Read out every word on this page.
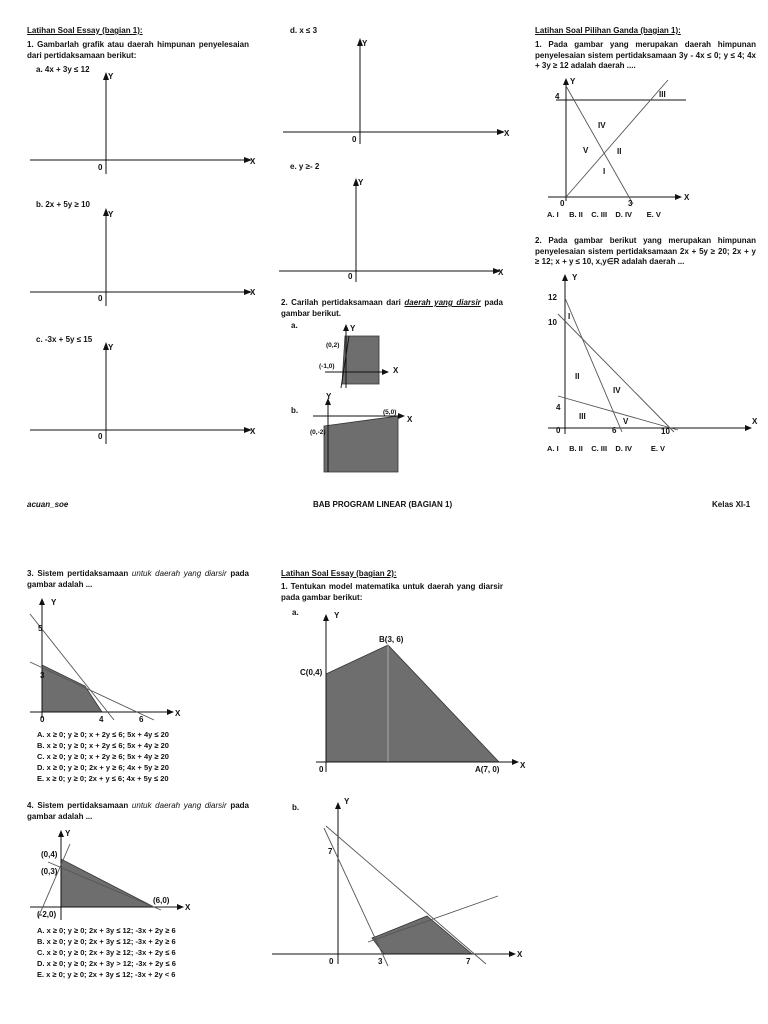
Latihan Soal Essay (bagian 1):
1. Gambarlah grafik atau daerah himpunan penyelesaian dari pertidaksamaan berikut:
a. 4x + 3y ≤ 12
Y
0
X
b. 2x + 5y ≥ 10
Y
0
X
c. -3x + 5y ≤ 15
Y
0
X
d. x ≤ 3
Y
0
X
e. y ≥- 2
Y
0	X
2. Carilah pertidaksamaan dari daerah yang diarsir pada gambar berikut.
a.	Y
X
(0,2)
(-1,0)
b.
Y
X
(5,0)
(0,-2)
Latihan Soal Pilihan Ganda (bagian 1):
1. Pada gambar yang merupakan daerah himpunan penyelesaian sistem pertidaksamaan 3y - 4x ≤ 0; y ≤ 4; 4x + 3y ≥ 12 adalah daerah ....
Y
X
4
0	3
III
IV
V	II
I
A. I B. II C. III D. IV E. V
2. Pada gambar berikut yang merupakan himpunan penyelesaian sistem pertidaksamaan 2x + 5y ≥ 20; 2x + y ≥ 12; x + y ≤ 10, x,y∈R adalah daerah ...
Y
X
12
10
4
0	6	10
I
II
IV
III
V
A. I B. II C. III D. IV	E. V
acuan_soe	BAB PROGRAM LINEAR (BAGIAN 1)	Kelas XI-1
3. Sistem pertidaksamaan untuk daerah yang diarsir pada gambar adalah ...
Y
X
5
3
0	4	6
A. x ≥ 0; y ≥ 0; x + 2y ≤ 6; 5x + 4y ≤ 20
B. x ≥ 0; y ≥ 0; x + 2y ≤ 6; 5x + 4y ≥ 20
C. x ≥ 0; y ≥ 0; x + 2y ≥ 6; 5x + 4y ≥ 20
D. x ≥ 0; y ≥ 0; 2x + y ≥ 6; 4x + 5y ≥ 20
E. x ≥ 0; y ≥ 0; 2x + y ≤ 6; 4x + 5y ≤ 20
4. Sistem pertidaksamaan untuk daerah yang diarsir pada gambar adalah ...
Y
X
(0,4)
(0,3)
(6,0)
(-2,0)
A. x ≥ 0; y ≥ 0; 2x + 3y ≤ 12; -3x + 2y ≥ 6
B. x ≥ 0; y ≥ 0; 2x + 3y ≤ 12; -3x + 2y ≥ 6
C. x ≥ 0; y ≥ 0; 2x + 3y ≥ 12; -3x + 2y ≤ 6
D. x ≥ 0; y ≥ 0; 2x + 3y > 12; -3x + 2y ≤ 6
E. x ≥ 0; y ≥ 0; 2x + 3y ≤ 12; -3x + 2y < 6
Latihan Soal Essay (bagian 2):
1. Tentukan model matematika untuk daerah yang diarsir pada gambar berikut:
a.	Y
X
0
B(3, 6)
C(0,4)
A(7, 0)
b.
Y
X
7
0	3	7
